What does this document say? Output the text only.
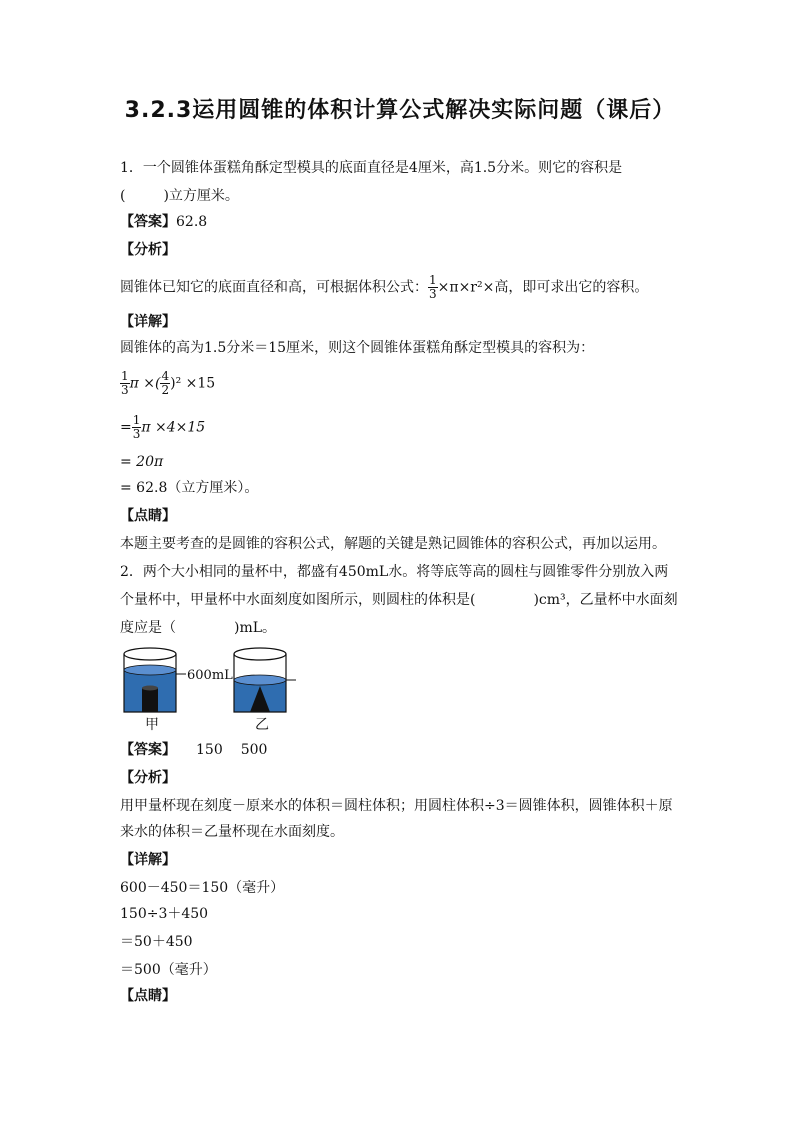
3.2.3运用圆锥的体积计算公式解决实际问题（课后）
1．一个圆锥体蛋糕角酥定型模具的底面直径是4厘米，高1.5分米。则它的容积是
(	)立方厘米。
【答案】62.8
【分析】
圆锥体已知它的底面直径和高，可根据体积公式： $\frac{1}{3} \times\pi\times r^2\times$高，即可求出它的容积。
【详解】
圆锥体的高为1.5分米＝15厘米，则这个圆锥体蛋糕角酥定型模具的容积为：
$\frac{1}{3}$ π ×( $\frac{4}{2} )^2 \times 15$
= $\frac{1}{3}$ π ×4×15
= 20π
= 62.8（立方厘米）。
【点睛】
本题主要考查的是圆锥的容积公式，解题的关键是熟记圆锥体的容积公式，再加以运用。
2．两个大小相同的量杯中，都盛有450mL水。将等底等高的圆柱与圆锥零件分别放入两
个量杯中，甲量杯中水面刻度如图所示，则圆柱的体积是(	)cm³，乙量杯中水面刻
度应是（	)mL。
600mL
甲	乙
【答案】 150 500
【分析】
用甲量杯现在刻度－原来水的体积＝圆柱体积；用圆柱体积÷3＝圆锥体积，圆锥体积＋原
来水的体积＝乙量杯现在水面刻度。
【详解】
600－450＝150（毫升）
150÷3＋450
＝50＋450
＝500（毫升）
【点睛】
